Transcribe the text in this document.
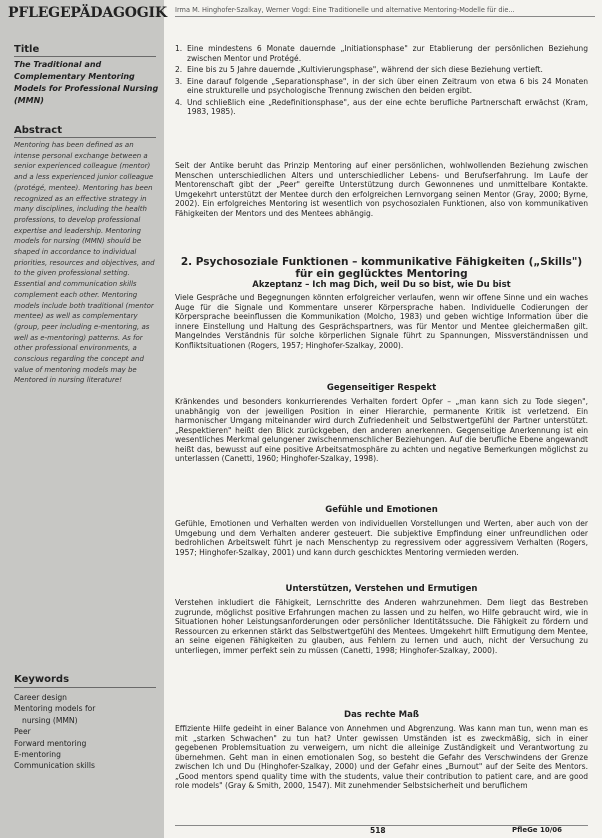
PFLEGEPÄDAGOGIK Irma M. Hinghofer-Szalkay, Werner Vogd: Eine Traditionelle und alternative Mentoring-Modelle für die...
Title
The Traditional and Complementary Mentoring Models for Professional Nursing (MMN)
Abstract
Mentoring has been defined as an intense personal exchange between a senior experienced colleague (mentor) and a less experienced junior colleague (protégé, mentee). Mentoring has been recognized as an effective strategy in many disciplines, including the health professions, to develop professional expertise and leadership. Mentoring models for nursing (MMN) should be shaped in accordance to individual priorities, resources and objectives, and to the given professional setting. Essential and communication skills complement each other. Mentoring models include both traditional (mentor mentee) as well as complementary (group, peer including e-mentoring, as well as e-mentoring) patterns. As for other professional environments, a conscious regarding the concept and value of mentoring models may be Mentored in nursing literature!
Keywords
Career design
Mentoring models for
nursing (MMN)
Peer
Forward mentoring
E-mentoring
Communication skills
1. Eine mindestens 6 Monate dauernde „Initiationsphase" zur Etablierung der persönlichen Beziehung zwischen Mentor und Protégé.
2. Eine bis zu 5 Jahre dauernde „Kultivierungsphase", während der sich diese Beziehung vertieft.
3. Eine darauf folgende „Separationsphase", in der sich über einen Zeitraum von etwa 6 bis 24 Monaten eine strukturelle und psychologische Trennung zwischen den beiden ergibt.
4. Und schließlich eine „Redefinitionsphase", aus der eine echte berufliche Partnerschaft erwächst (Kram, 1983, 1985).

Seit der Antike beruht das Prinzip Mentoring auf einer persönlichen, wohlwollenden Beziehung zwischen Menschen unterschiedlichen Alters und unterschiedlicher Lebens- und Berufserfahrung. Im Laufe der Mentorenschaft gibt der „Peer" gereifte Unterstützung durch Gewonnenes und unmittelbare Kontakte. Umgekehrt unterstützt der Mentee durch den erfolgreichen Lernvorgang seinen Mentor (Gray, 2000; Byrne, 2002). Ein erfolgreiches Mentoring ist wesentlich von psychosozialen Funktionen, also von kommunikativen Fähigkeiten der Mentors und des Mentees abhängig.

2. Psychosoziale Funktionen – kommunikative Fähigkeiten („Skills") für ein geglücktes Mentoring
Akzeptanz – Ich mag Dich, weil Du so bist, wie Du bist

Viele Gespräche und Begegnungen könnten erfolgreicher verlaufen, wenn wir offene Sinne und ein waches Auge für die Signale und Kommentare unserer Körpersprache haben. Individuelle Codierungen der Körpersprache beeinflussen die Kommunikation (Molcho, 1983) und geben wichtige Information über die innere Einstellung und Haltung des Gesprächspartners, was für Mentor und Mentee gleichermaßen gilt. Mangelndes Verständnis für solche körperlichen Signale führt zu Spannungen, Missverständnissen und Konfliktsituationen (Rogers, 1957; Hinghofer-Szalkay, 2000).

Gegenseitiger Respekt

Kränkendes und besonders konkurrierendes Verhalten fordert Opfer – „man kann sich zu Tode siegen", unabhängig von der jeweiligen Position in einer Hierarchie, permanente Kritik ist verletzend. Ein harmonischer Umgang miteinander wird durch Zufriedenheit und Selbstwertgefühl der Partner unterstützt. „Respektieren" heißt den Blick zurückgeben, den anderen anerkennen. Gegenseitige Anerkennung ist ein wesentliches Merkmal gelungener zwischenmenschlicher Beziehungen. Auf die berufliche Ebene angewandt heißt das, bewusst auf eine positive Arbeitsatmosphäre zu achten und negative Bemerkungen möglichst zu unterlassen (Canetti, 1960; Hinghofer-Szalkay, 1998).

Gefühle und Emotionen

Gefühle, Emotionen und Verhalten werden von individuellen Vorstellungen und Werten, aber auch von der Umgebung und dem Verhalten anderer gesteuert. Die subjektive Empfindung einer unfreundlichen oder bedrohlichen Arbeitswelt führt je nach Menschentyp zu regressivem oder aggressivem Verhalten (Rogers, 1957; Hinghofer-Szalkay, 2001) und kann durch geschicktes Mentoring vermieden werden.

Unterstützen, Verstehen und Ermutigen

Verstehen inkludiert die Fähigkeit, Lernschritte des Anderen wahrzunehmen. Dem liegt das Bestreben zugrunde, möglichst positive Erfahrungen machen zu lassen und zu helfen, wo Hilfe gebraucht wird, wie in Situationen hoher Leistungsanforderungen oder persönlicher Identitätssuche. Die Fähigkeit zu fördern und Ressourcen zu erkennen stärkt das Selbstwertgefühl des Mentees. Umgekehrt hilft Ermutigung dem Mentee, an seine eigenen Fähigkeiten zu glauben, aus Fehlern zu lernen und auch, nicht der Versuchung zu unterliegen, immer perfekt sein zu müssen (Canetti, 1998; Hinghofer-Szalkay, 2000).

Das rechte Maß

Effiziente Hilfe gedeiht in einer Balance von Annehmen und Abgrenzung. Was kann man tun, wenn man es mit „starken Schwachen" zu tun hat? Unter gewissen Umständen ist es zweckmäßig, sich in einer gegebenen Problemsituation zu verweigern, um nicht die alleinige Zuständigkeit und Verantwortung zu übernehmen. Geht man in einen emotionalen Sog, so besteht die Gefahr des Verschwindens der Grenze zwischen Ich und Du (Hinghofer-Szalkay, 2000) und der Gefahr eines „Burnout" auf der Seite des Mentors. „Good mentors spend quality time with the students, value their contribution to patient care, and are good role models" (Gray & Smith, 2000, 1547). Mit zunehmender Selbstsicherheit und beruflichem

518	PfleGe 10/06
